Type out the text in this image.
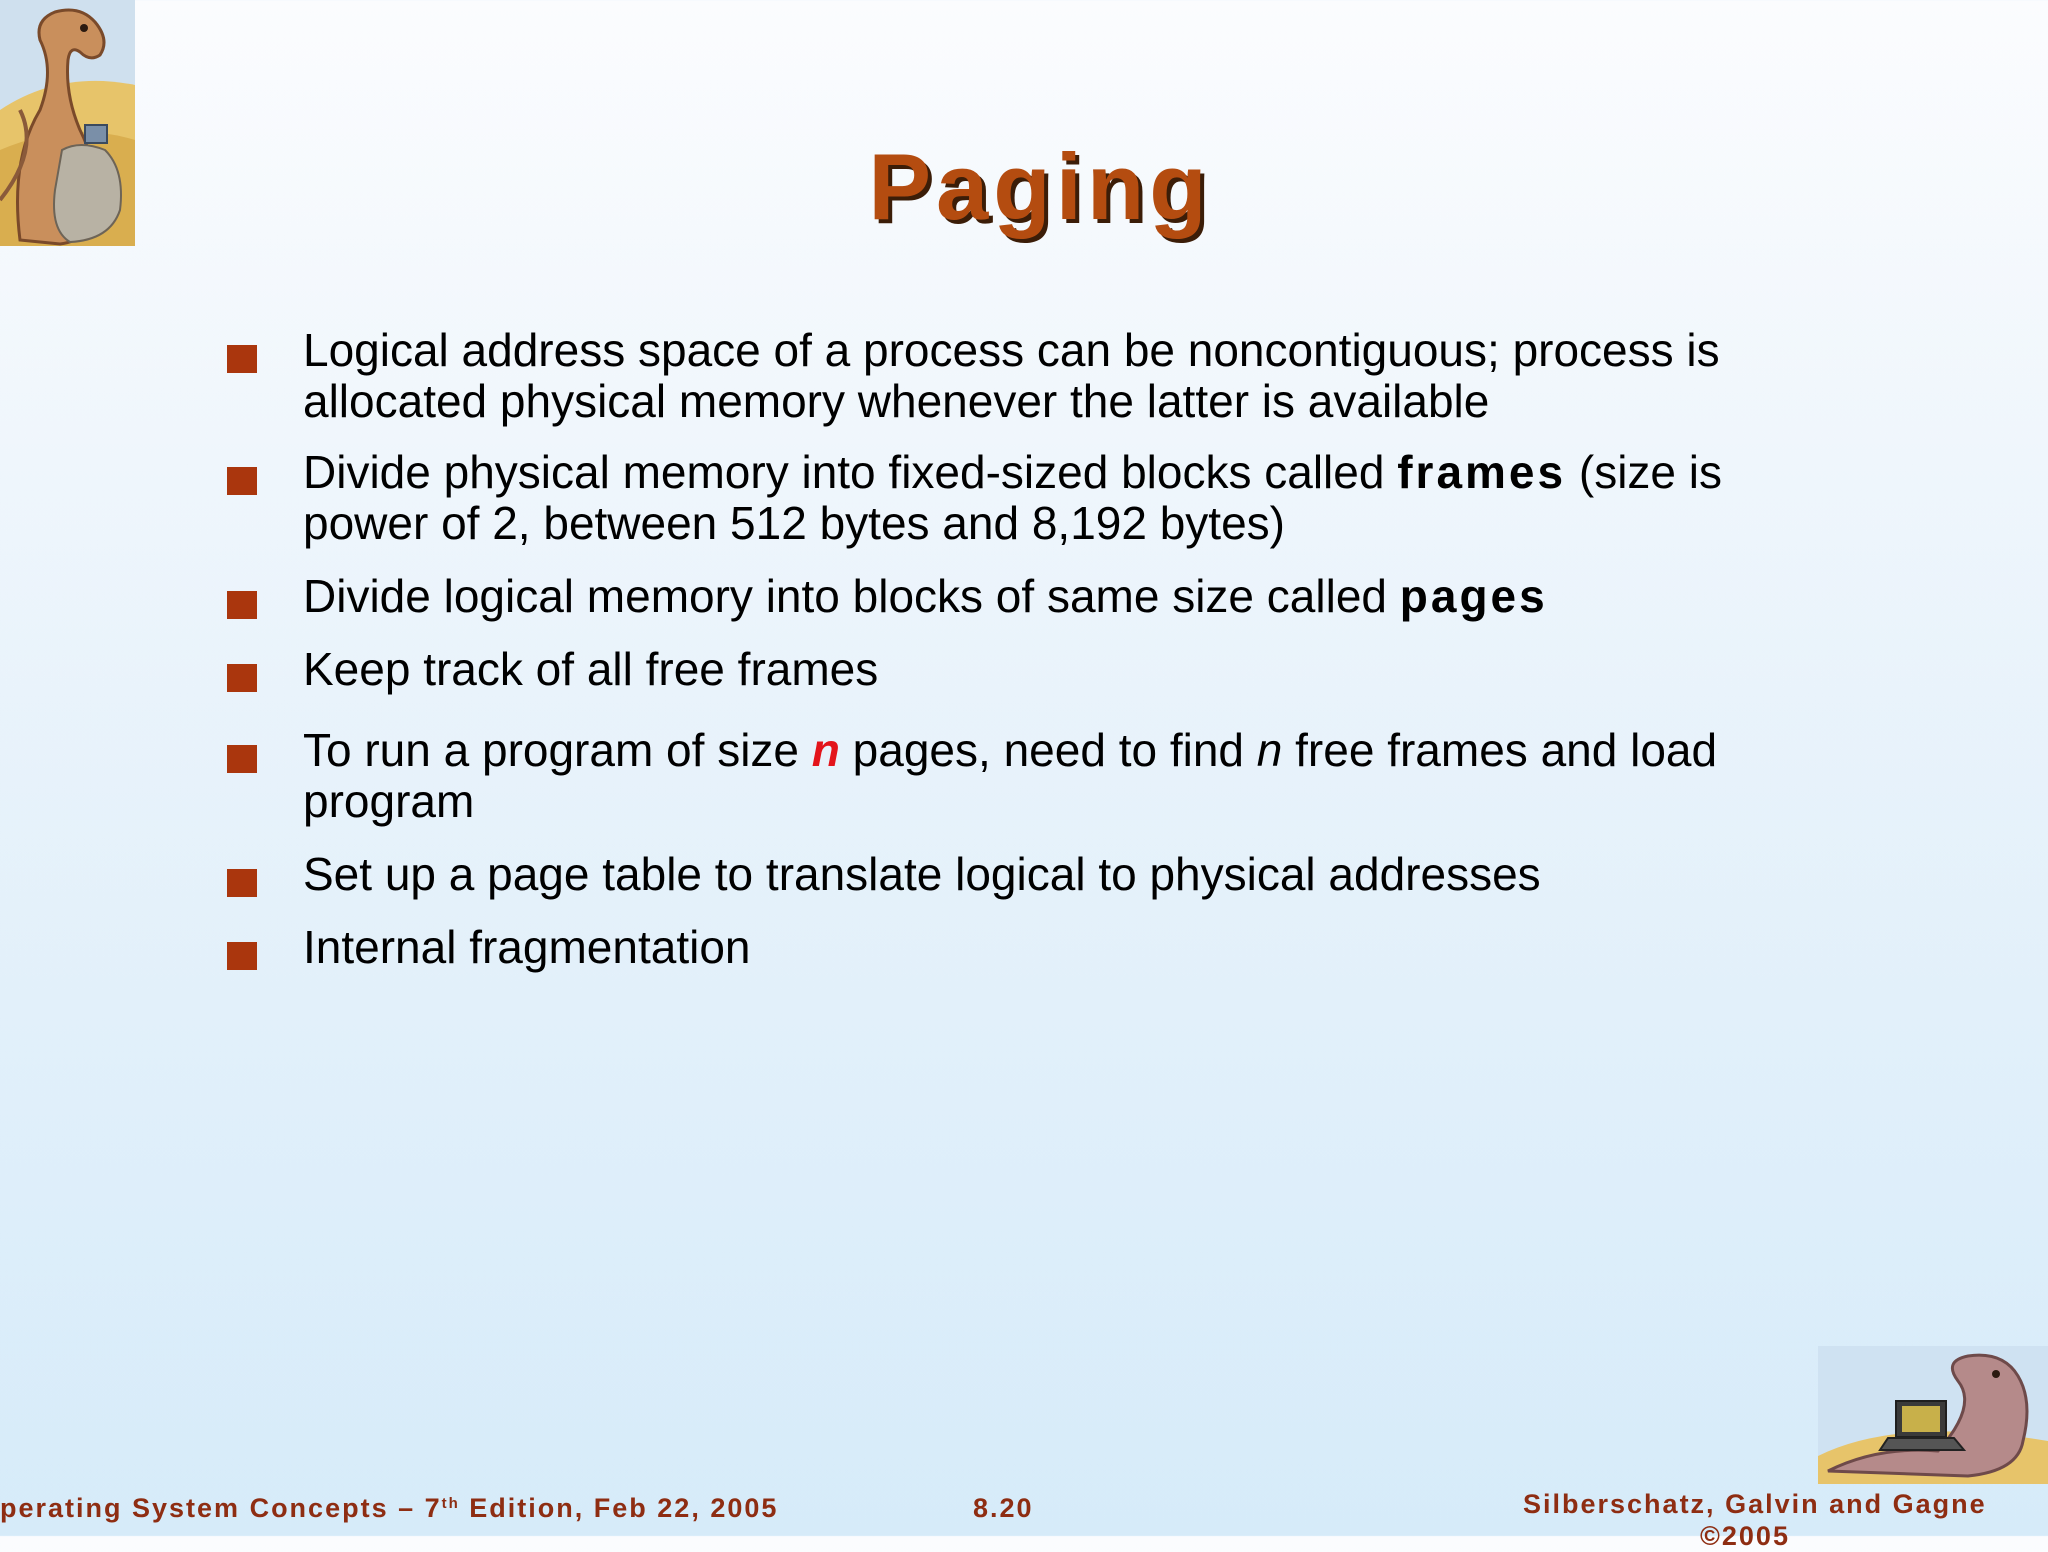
Paging
Logical address space of a process can be noncontiguous; process is allocated physical memory whenever the latter is available
Divide physical memory into fixed-sized blocks called frames (size is power of 2, between 512 bytes and 8,192 bytes)
Divide logical memory into blocks of same size called pages
Keep track of all free frames
To run a program of size n pages, need to find n free frames and load program
Set up a page table to translate logical to physical addresses
Internal fragmentation
perating System Concepts – 7th Edition, Feb 22, 2005	8.20	Silberschatz, Galvin and Gagne
©2005
